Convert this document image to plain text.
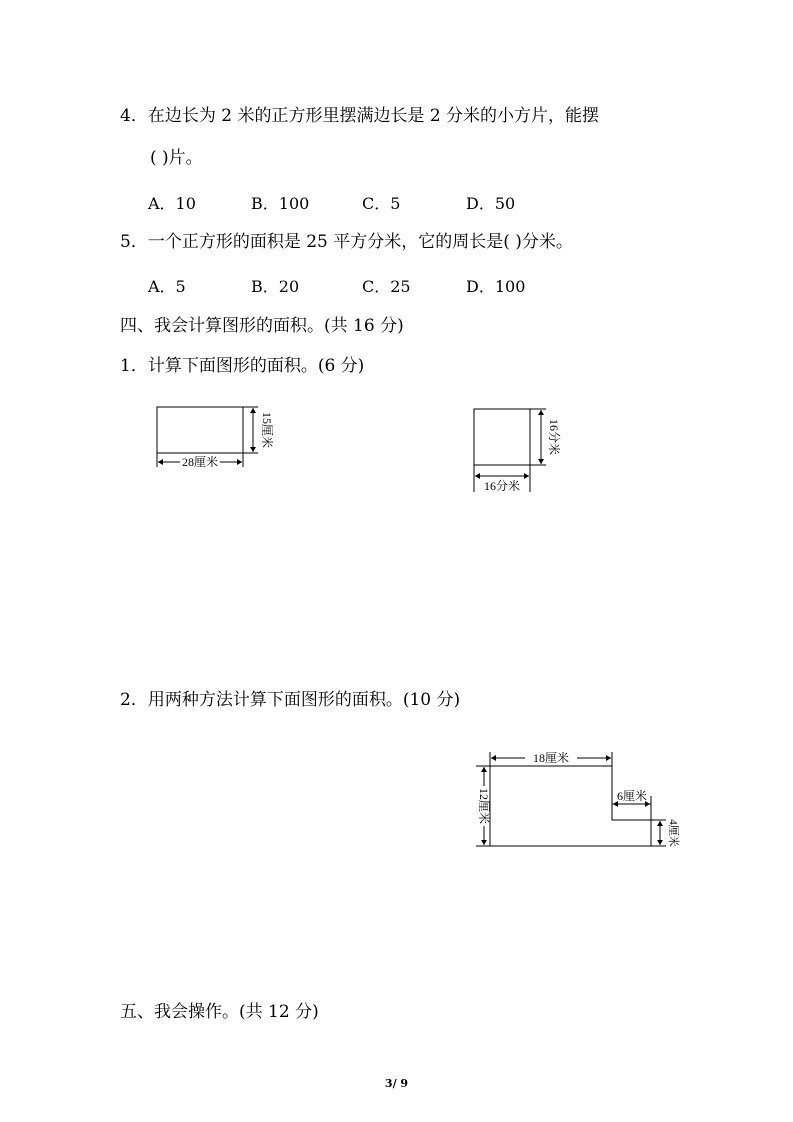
4．在边长为 2 米的正方形里摆满边长是 2 分米的小方片，能摆
( )片。
A．10	B．100	C．5	D．50
5．一个正方形的面积是 25 平方分米，它的周长是( )分米。
A．5	B．20	C．25	D．100
四、我会计算图形的面积。(共 16 分)
1．计算下面图形的面积。(6 分)
28厘米
15厘米
16分米
16分米
2．用两种方法计算下面图形的面积。(10 分)
18厘米
12厘米	6厘米
4厘米
五、我会操作。(共 12 分)
3/ 9
